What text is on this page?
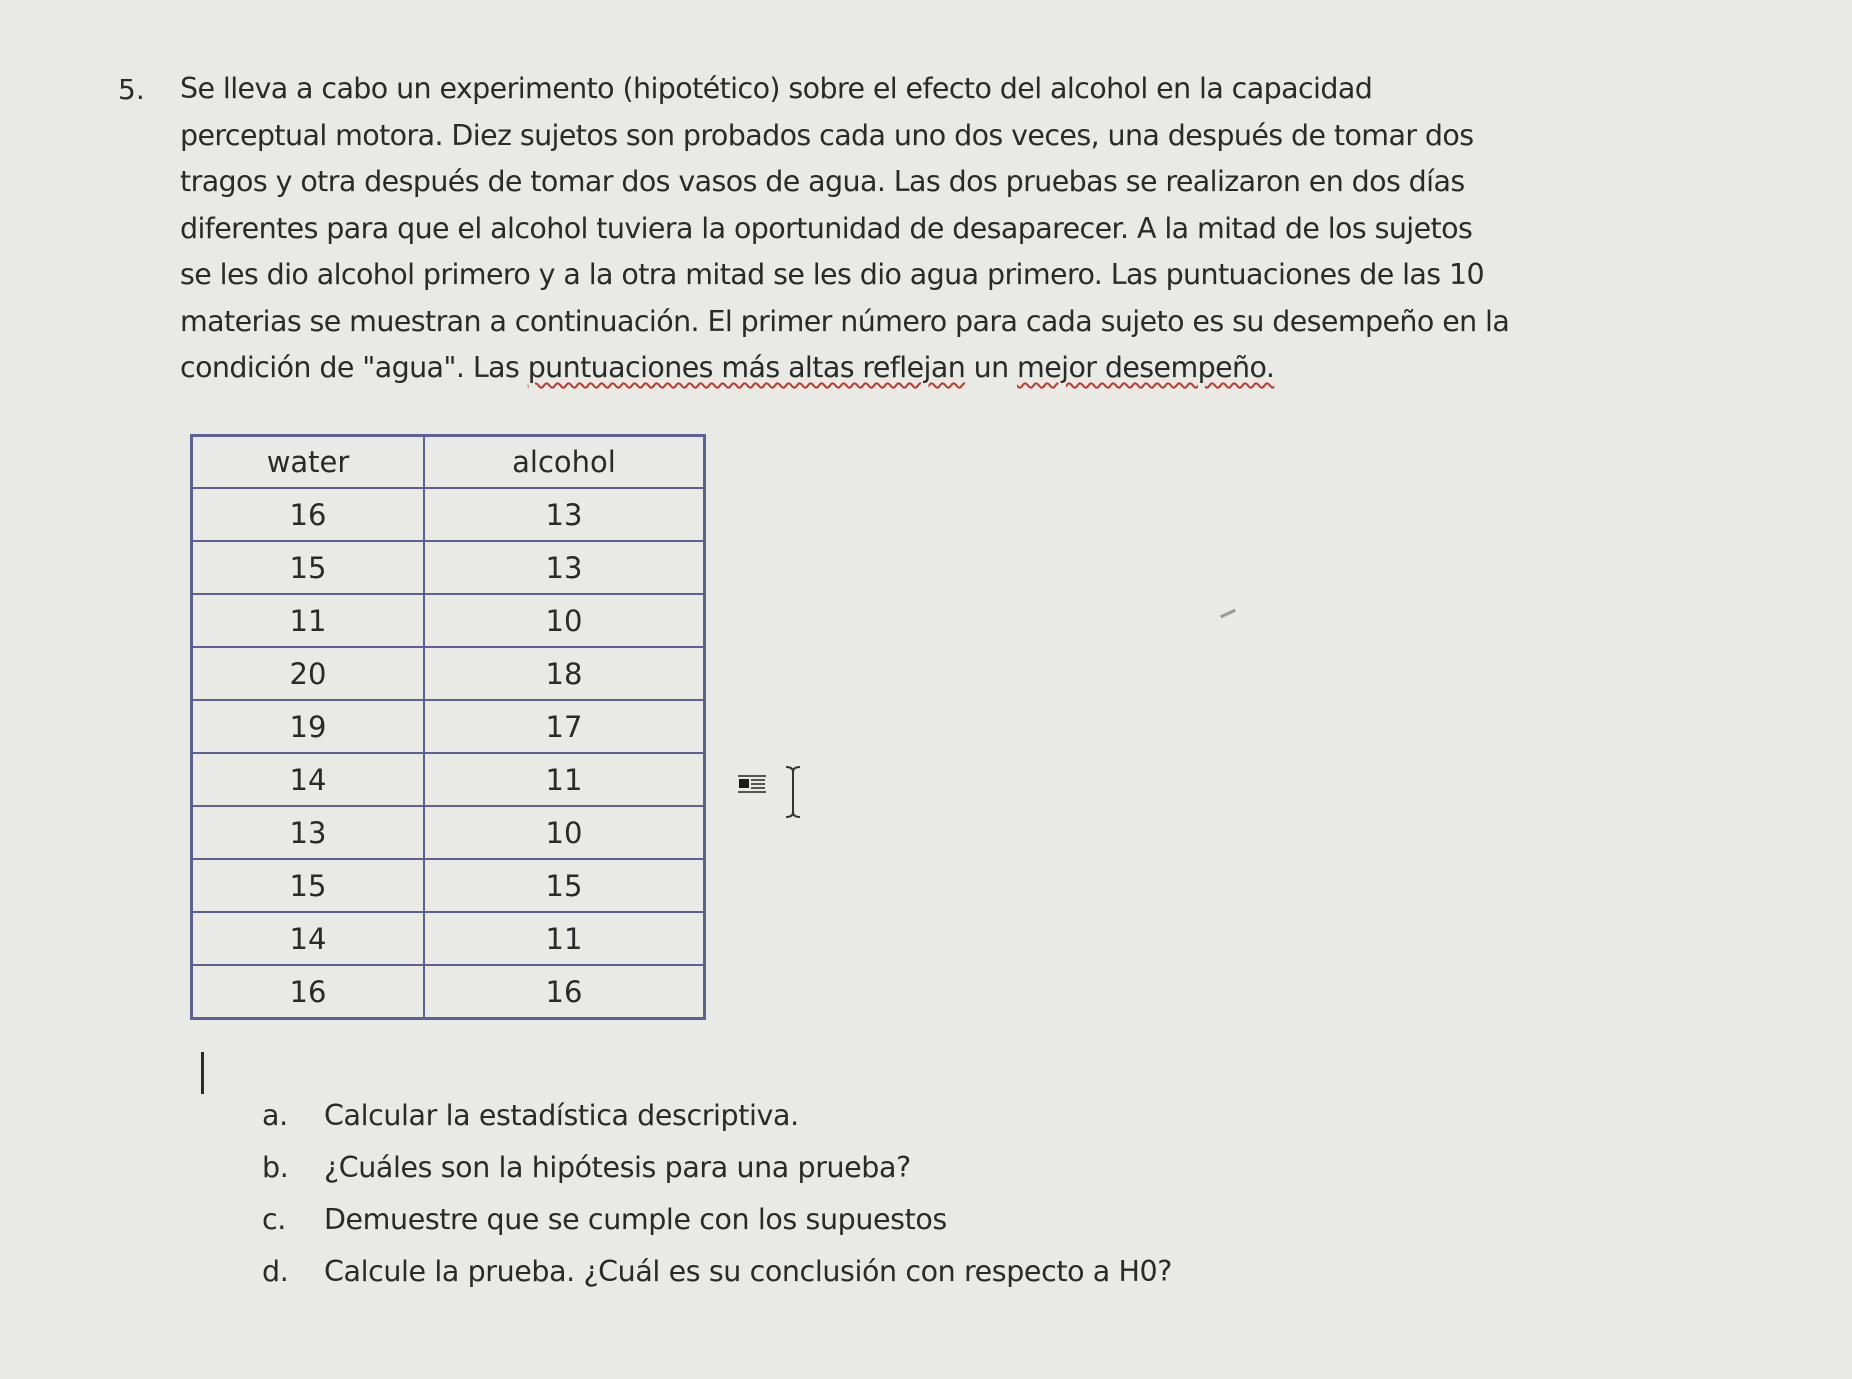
5. Se lleva a cabo un experimento (hipotético) sobre el efecto del alcohol en la capacidad
perceptual motora. Diez sujetos son probados cada uno dos veces, una después de tomar dos
tragos y otra después de tomar dos vasos de agua. Las dos pruebas se realizaron en dos días
diferentes para que el alcohol tuviera la oportunidad de desaparecer. A la mitad de los sujetos
se les dio alcohol primero y a la otra mitad se les dio agua primero. Las puntuaciones de las 10
materias se muestran a continuación. El primer número para cada sujeto es su desempeño en la
condición de "agua". Las puntuaciones más altas reflejan un mejor desempeño.
water	alcohol
16	13
15	13
11	10
20	18
19	17
14	11
13	10
15	15
14	11
16	16
a.	Calcular la estadística descriptiva.
b.	¿Cuáles son la hipótesis para una prueba?
c.	Demuestre que se cumple con los supuestos
d.	Calcule la prueba. ¿Cuál es su conclusión con respecto a H0?
